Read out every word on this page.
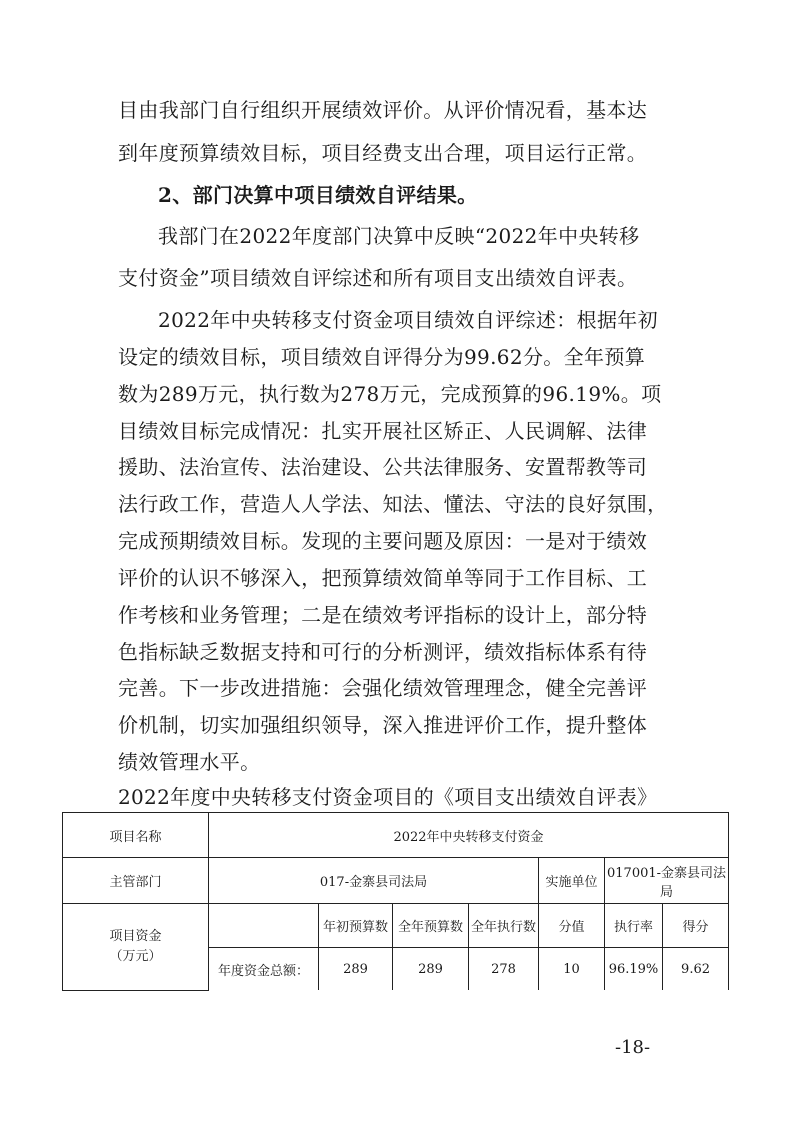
目由我部门自行组织开展绩效评价。从评价情况看，基本达
到年度预算绩效目标，项目经费支出合理，项目运行正常。
2、部门决算中项目绩效自评结果。
我部门在2022年度部门决算中反映“2022年中央转移
支付资金”项目绩效自评综述和所有项目支出绩效自评表。
2022年中央转移支付资金项目绩效自评综述：根据年初
设定的绩效目标，项目绩效自评得分为99.62分。全年预算
数为289万元，执行数为278万元，完成预算的96.19%。项
目绩效目标完成情况：扎实开展社区矫正、人民调解、法律
援助、法治宣传、法治建设、公共法律服务、安置帮教等司
法行政工作，营造人人学法、知法、懂法、守法的良好氛围，
完成预期绩效目标。发现的主要问题及原因：一是对于绩效
评价的认识不够深入，把预算绩效简单等同于工作目标、工
作考核和业务管理；二是在绩效考评指标的设计上，部分特
色指标缺乏数据支持和可行的分析测评，绩效指标体系有待
完善。下一步改进措施：会强化绩效管理理念，健全完善评
2022年度中央转移支付资金项目的《项目支出绩效自评表》
项目名称	2022年中央转移支付资金						
主管部门	017-金寨县司法局				实施单位	017001-金寨县司法局	

项目资金
（万元）		年初预算数	全年预算数	全年执行数	分值	执行率	得分
	年度资金总额：	289	289	278	10	96.19%	9.62
-18-
价机制，切实加强组织领导，深入推进评价工作，提升整体
绩效管理水平。
